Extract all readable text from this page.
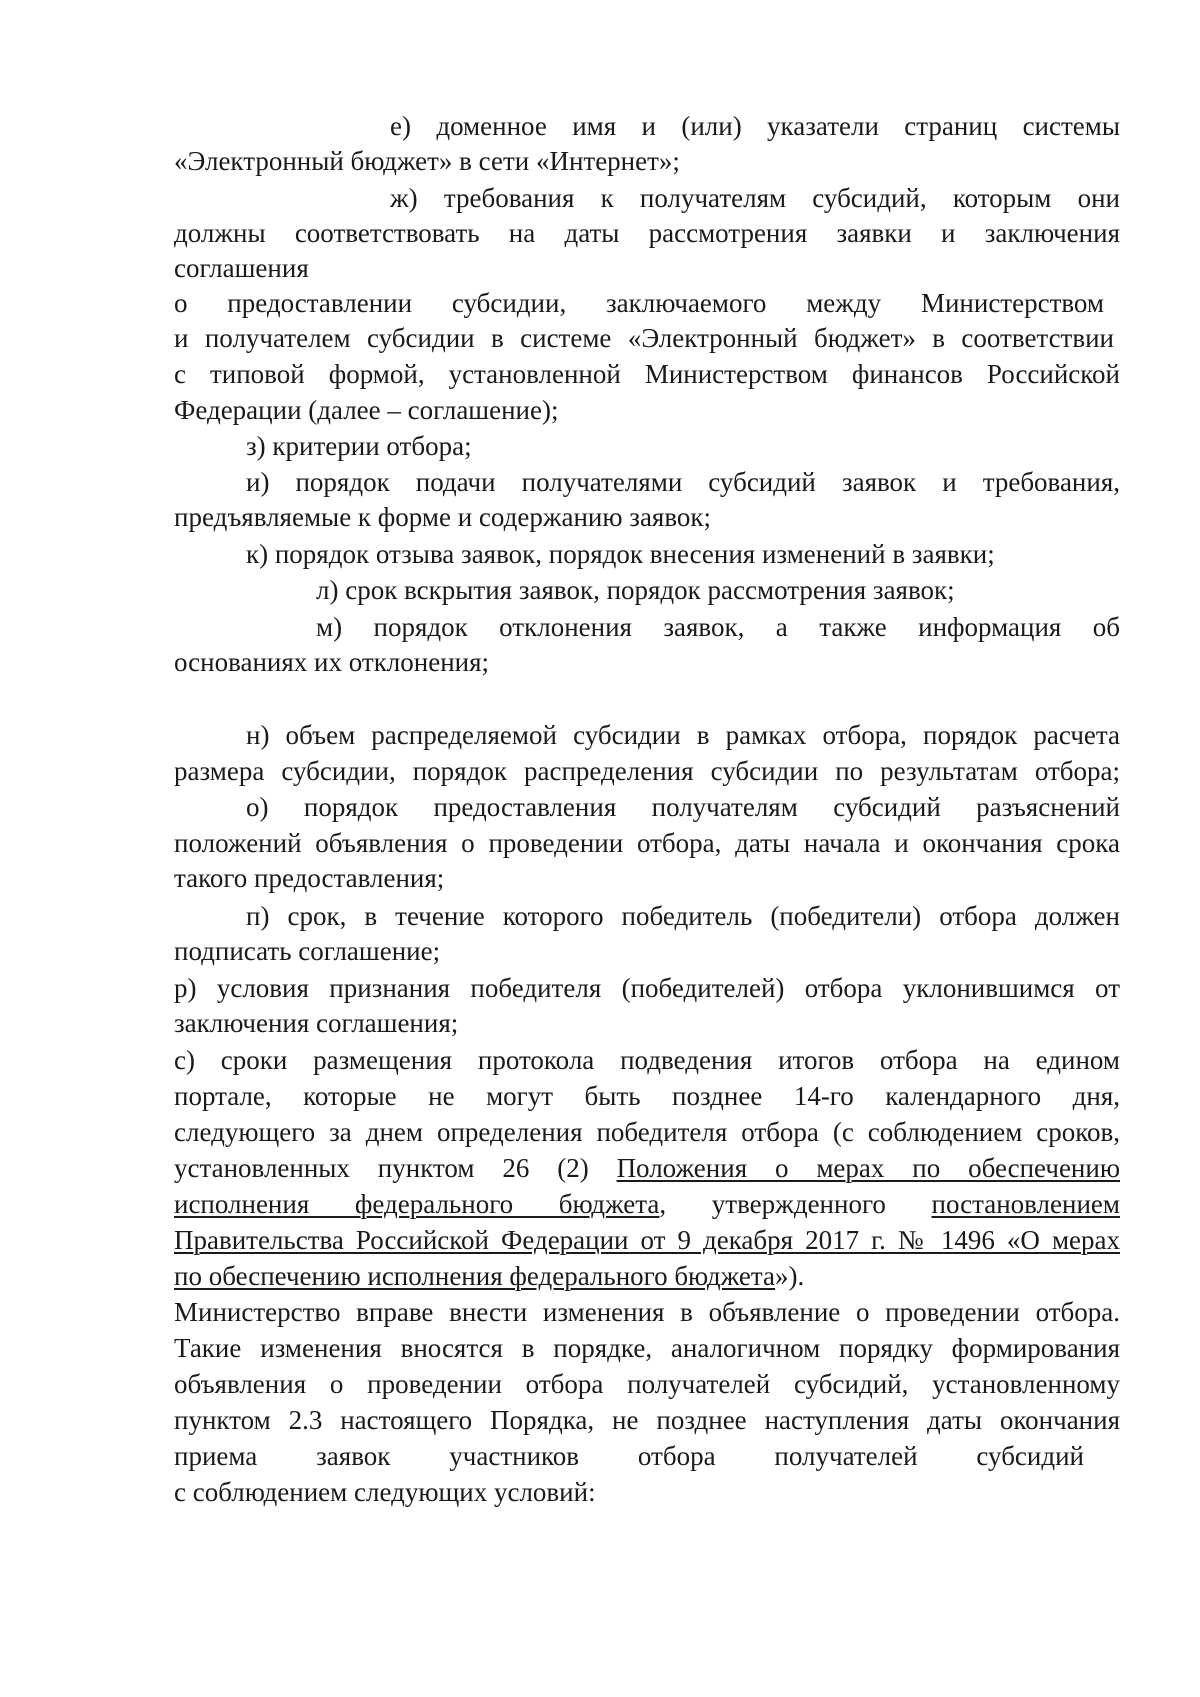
е) доменное имя и (или) указатели страниц системы
«Электронный бюджет» в сети «Интернет»;
ж) требования к получателям субсидий, которым они
должны соответствовать на даты рассмотрения заявки и заключения
соглашения
о предоставлении субсидии, заключаемого между Министерством
и получателем субсидии в системе «Электронный бюджет» в соответствии
с типовой формой, установленной Министерством финансов Российской
Федерации (далее – соглашение);
з) критерии отбора;
и) порядок подачи получателями субсидий заявок и требования,
предъявляемые к форме и содержанию заявок;
к) порядок отзыва заявок, порядок внесения изменений в заявки;
л) срок вскрытия заявок, порядок рассмотрения заявок;
м) порядок отклонения заявок, а также информация об
основаниях их отклонения;
н) объем распределяемой субсидии в рамках отбора, порядок расчета
размера субсидии, порядок распределения субсидии по результатам отбора;
о) порядок предоставления получателям субсидий разъяснений
положений объявления о проведении отбора, даты начала и окончания срока
такого предоставления;
п) срок, в течение которого победитель (победители) отбора должен
подписать соглашение;
р) условия признания победителя (победителей) отбора уклонившимся от
заключения соглашения;
с) сроки размещения протокола подведения итогов отбора на едином
портале, которые не могут быть позднее 14-го календарного дня,
следующего за днем определения победителя отбора (с соблюдением сроков,
установленных пунктом 26 (2) Положения о мерах по обеспечению
исполнения федерального бюджета, утвержденного постановлением
Правительства Российской Федерации от 9 декабря 2017 г. № 1496 «О мерах
по обеспечению исполнения федерального бюджета»).
Министерство вправе внести изменения в объявление о проведении отбора.
Такие изменения вносятся в порядке, аналогичном порядку формирования
объявления о проведении отбора получателей субсидий, установленному
пунктом 2.3 настоящего Порядка, не позднее наступления даты окончания
приема заявок участников отбора получателей субсидий
с соблюдением следующих условий:
